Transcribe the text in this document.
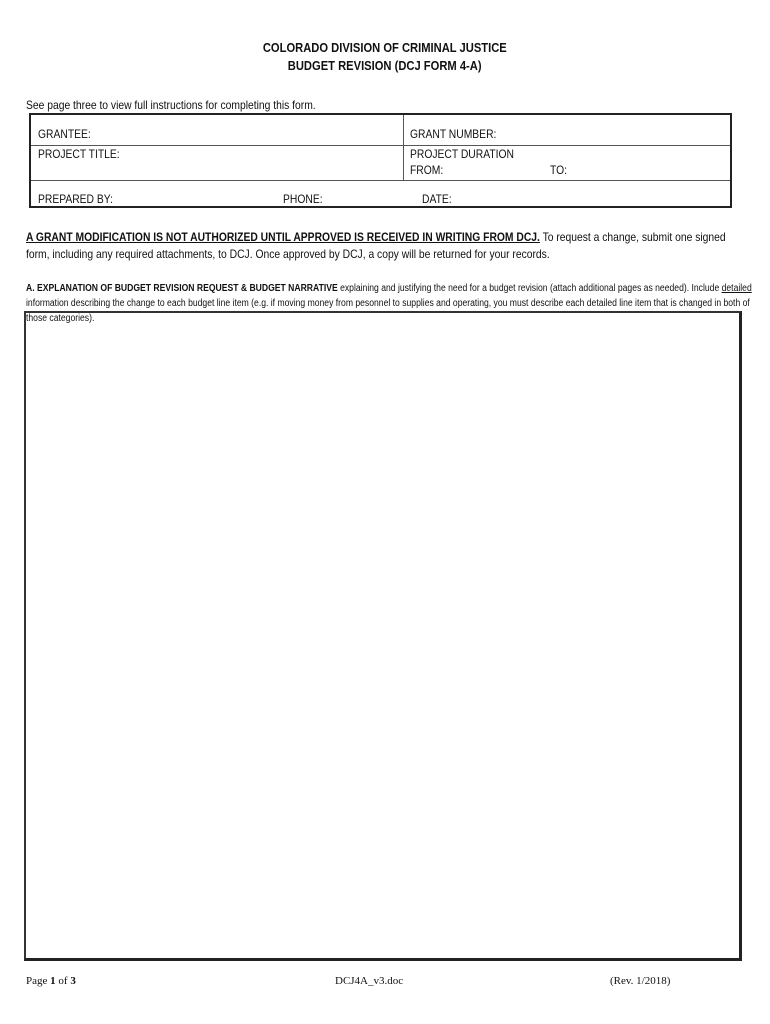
COLORADO DIVISION OF CRIMINAL JUSTICE
BUDGET REVISION (DCJ FORM 4-A)
See page three to view full instructions for completing this form.
GRANTEE:	GRANT NUMBER:
PROJECT TITLE:	PROJECT DURATION
FROM:	TO:
PREPARED BY:	PHONE:	DATE:
A GRANT MODIFICATION IS NOT AUTHORIZED UNTIL APPROVED IS RECEIVED IN WRITING FROM DCJ. To request a change, submit one signed form, including any required attachments, to DCJ. Once approved by DCJ, a copy will be returned for your records.
A. EXPLANATION OF BUDGET REVISION REQUEST & BUDGET NARRATIVE explaining and justifying the need for a budget revision (attach additional pages as needed). Include detailed information describing the change to each budget line item (e.g. if moving money from pesonnel to supplies and operating, you must describe each detailed line item that is changed in both of those categories).
Page 1 of 3	DCJ4A_v3.doc	(Rev. 1/2018)
